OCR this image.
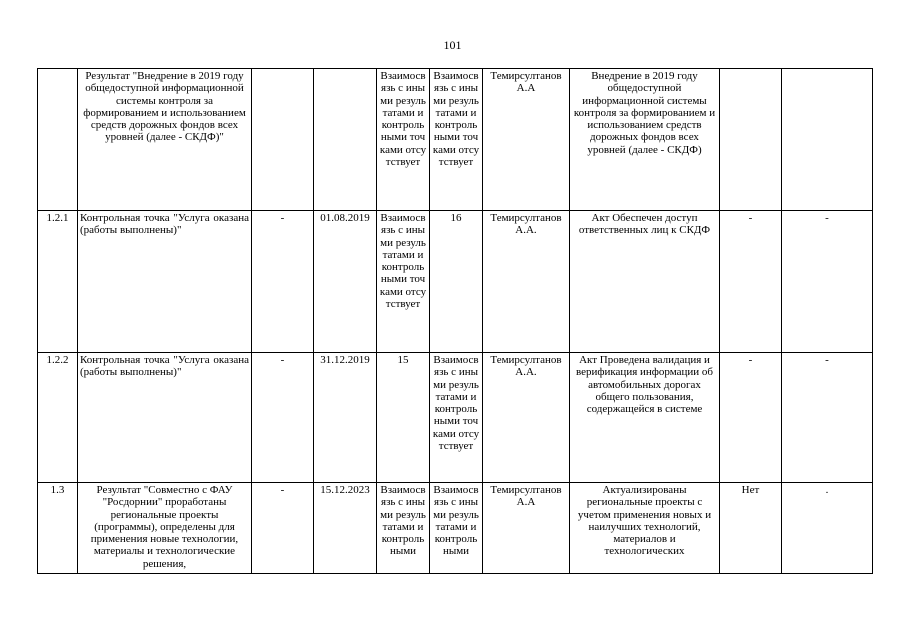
101
	Результат "Внедрение в 2019 году общедоступной информационной системы контроля за формированием и использованием средств дорожных фондов всех уровней (далее - СКДФ)"			Взаимосвязь с иными результатами и контрольными точками отсутствует	Взаимосвязь с иными результатами и контрольными точками отсутствует	Темирсултанов А.А	Внедрение в 2019 году общедоступной информационной системы контроля за формированием и использованием средств дорожных фондов всех уровней (далее - СКДФ)		
1.2.1	Контрольная точка "Услуга оказана (работы выполнены)"	-	01.08.2019	Взаимосвязь с иными результатами и контрольными точками отсутствует	16	Темирсултанов А.А.	Акт Обеспечен доступ ответственных лиц к СКДФ	-	-
1.2.2	Контрольная точка "Услуга оказана (работы выполнены)"	-	31.12.2019	15	Взаимосвязь с иными результатами и контрольными точками отсутствует	Темирсултанов А.А.	Акт Проведена валидация и верификация информации об автомобильных дорогах общего пользования, содержащейся в системе	-	-
1.3	Результат "Совместно с ФАУ "Росдорнии" проработаны региональные проекты (программы), определены для применения новые технологии, материалы и технологические решения,	-	15.12.2023	Взаимосвязь с иными результатами и контрольными	Взаимосвязь с иными результатами и контрольными	Темирсултанов А.А	Актуализированы региональные проекты с учетом применения новых и наилучших технологий, материалов и технологических	Нет	.
